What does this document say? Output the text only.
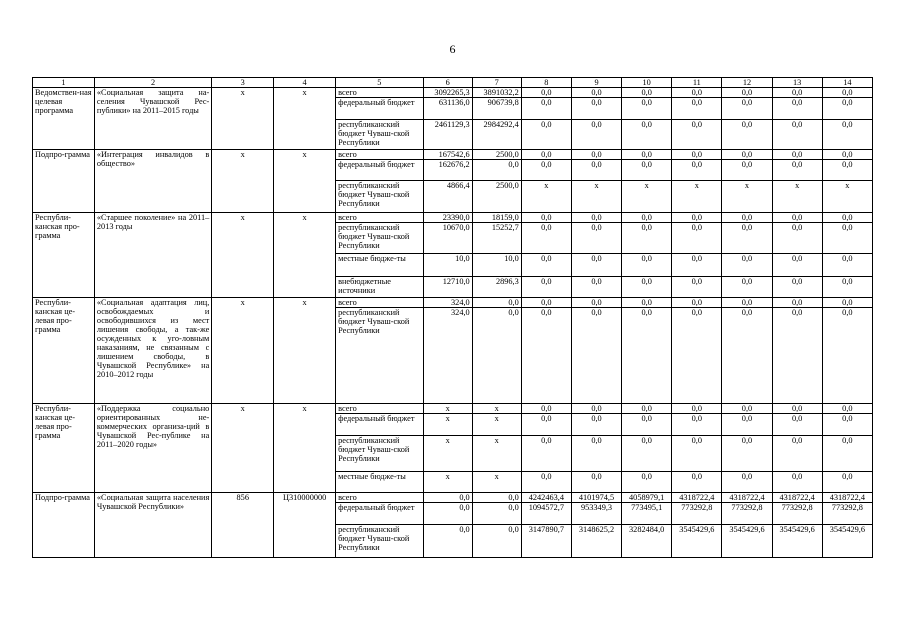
6
1	2	3	4	5	6	7	8	9	10	11	12	13	14
Ведомствен-ная целевая программа	«Социальная защита на-селения Чувашской Рес-публики» на 2011–2015 годы	x	x	всего	3092265,3	3891032,2	0,0	0,0	0,0	0,0	0,0	0,0	0,0
				федеральный бюджет	631136,0	906739,8	0,0	0,0	0,0	0,0	0,0	0,0	0,0
				республиканский бюджет Чуваш-ской Республики	2461129,3	2984292,4	0,0	0,0	0,0	0,0	0,0	0,0	0,0
Подпро-грамма	«Интеграция инвалидов в общество»	x	x	всего	167542,6	2500,0	0,0	0,0	0,0	0,0	0,0	0,0	0,0
				федеральный бюджет	162676,2	0,0	0,0	0,0	0,0	0,0	0,0	0,0	0,0
				республиканский бюджет Чуваш-ской Республики	4866,4	2500,0	x	x	x	x	x	x	x
Республи-канская про-грамма	«Старшее поколение» на 2011–2013 годы	x	x	всего	23390,0	18159,0	0,0	0,0	0,0	0,0	0,0	0,0	0,0
				республиканский бюджет Чуваш-ской Республики	10670,0	15252,7	0,0	0,0	0,0	0,0	0,0	0,0	0,0
				местные бюдже-ты	10,0	10,0	0,0	0,0	0,0	0,0	0,0	0,0	0,0
				внебюджетные источники	12710,0	2896,3	0,0	0,0	0,0	0,0	0,0	0,0	0,0
Республи-канская це-левая про-грамма	«Социальная адаптация лиц, освобождаемых и освободившихся из мест лишения свободы, а так-же осужденных к уго-ловным наказаниям, не связанным с лишением свободы, в Чувашской Республике» на 2010–2012 годы	x	x	всего	324,0	0,0	0,0	0,0	0,0	0,0	0,0	0,0	0,0
				республиканский бюджет Чуваш-ской Республики	324,0	0,0	0,0	0,0	0,0	0,0	0,0	0,0	0,0
Республи-канская це-левая про-грамма	«Поддержка социально ориентированных не-коммерческих организа-ций в Чувашской Рес-публике на 2011–2020 годы»	x	x	всего	x	x	0,0	0,0	0,0	0,0	0,0	0,0	0,0
				федеральный бюджет	x	x	0,0	0,0	0,0	0,0	0,0	0,0	0,0
				республиканский бюджет Чуваш-ской Республики	x	x	0,0	0,0	0,0	0,0	0,0	0,0	0,0
				местные бюдже-ты	x	x	0,0	0,0	0,0	0,0	0,0	0,0	0,0
Подпро-грамма	«Социальная защита населения Чувашской Республики»	856	Ц310000000	всего	0,0	0,0	4242463,4	4101974,5	4058979,1	4318722,4	4318722,4	4318722,4	4318722,4
				федеральный бюджет	0,0	0,0	1094572,7	953349,3	773495,1	773292,8	773292,8	773292,8	773292,8
				республиканский бюджет Чуваш-ской Республики	0,0	0,0	3147890,7	3148625,2	3282484,0	3545429,6	3545429,6	3545429,6	3545429,6
